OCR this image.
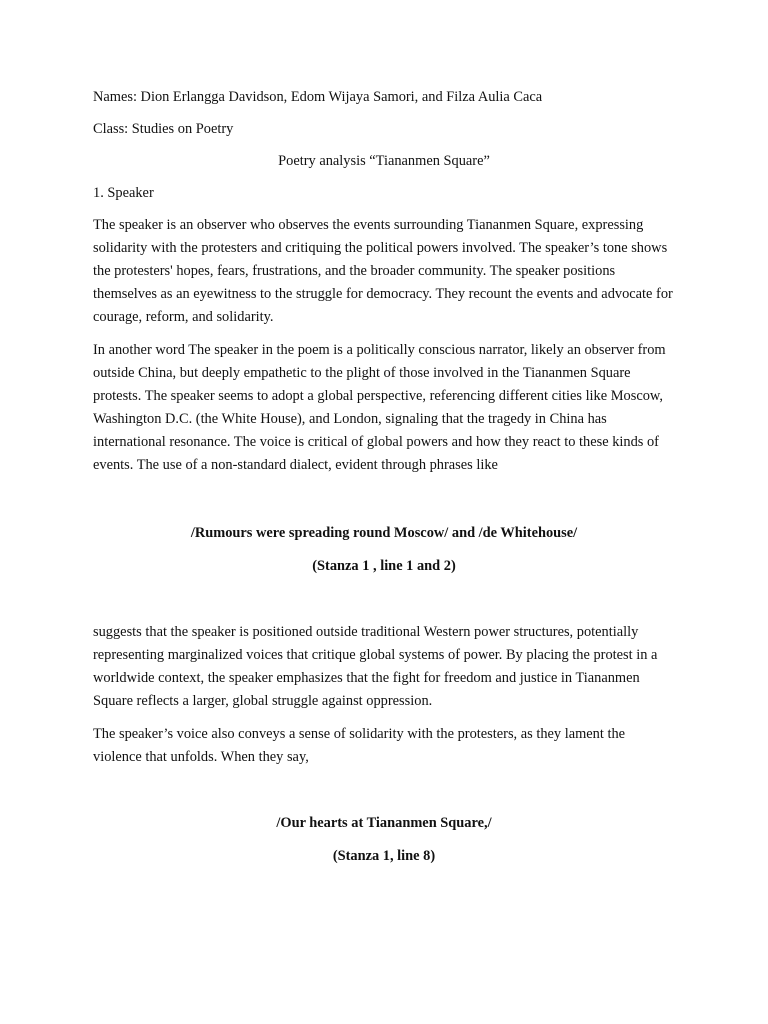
Names: Dion Erlangga Davidson, Edom Wijaya Samori, and Filza Aulia Caca

Class: Studies on Poetry

Poetry analysis “Tiananmen Square”

1. Speaker

The speaker is an observer who observes the events surrounding Tiananmen Square, expressing solidarity with the protesters and critiquing the political powers involved. The speaker’s tone shows the protesters' hopes, fears, frustrations, and the broader community. The speaker positions themselves as an eyewitness to the struggle for democracy. They recount the events and advocate for courage, reform, and solidarity.

In another word The speaker in the poem is a politically conscious narrator, likely an observer from outside China, but deeply empathetic to the plight of those involved in the Tiananmen Square protests. The speaker seems to adopt a global perspective, referencing different cities like Moscow, Washington D.C. (the White House), and London, signaling that the tragedy in China has international resonance. The voice is critical of global powers and how they react to these kinds of events. The use of a non-standard dialect, evident through phrases like

/Rumours were spreading round Moscow/ and /de Whitehouse/

(Stanza 1 , line 1 and 2)

suggests that the speaker is positioned outside traditional Western power structures, potentially representing marginalized voices that critique global systems of power. By placing the protest in a worldwide context, the speaker emphasizes that the fight for freedom and justice in Tiananmen Square reflects a larger, global struggle against oppression.

The speaker’s voice also conveys a sense of solidarity with the protesters, as they lament the violence that unfolds. When they say,

/Our hearts at Tiananmen Square,/

(Stanza 1, line 8)
